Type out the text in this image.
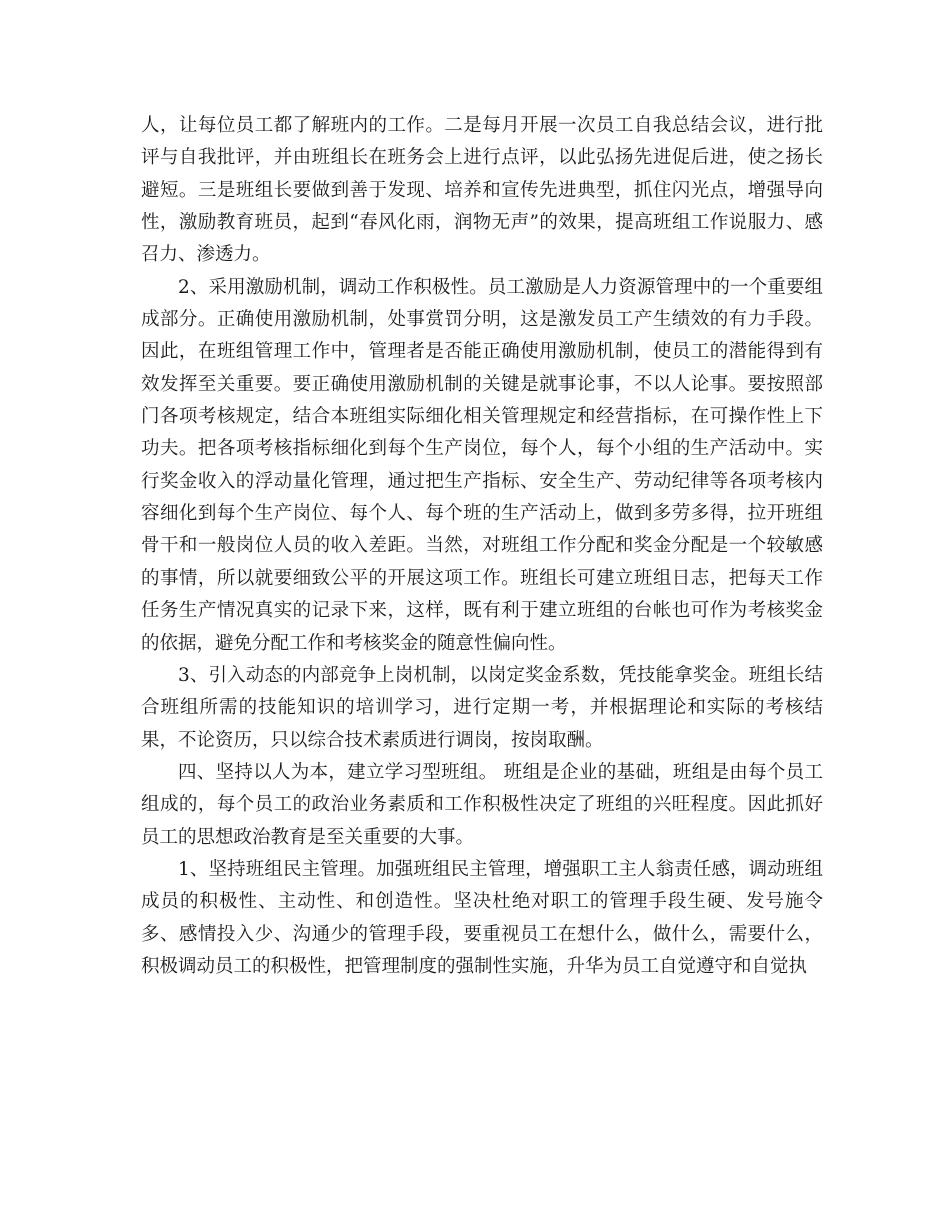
人，让每位员工都了解班内的工作。二是每月开展一次员工自我总结会议，进行批评与自我批评，并由班组长在班务会上进行点评，以此弘扬先进促后进，使之扬长避短。三是班组长要做到善于发现、培养和宣传先进典型，抓住闪光点，增强导向性，激励教育班员，起到“春风化雨，润物无声”的效果，提高班组工作说服力、感召力、渗透力。

2、采用激励机制，调动工作积极性。员工激励是人力资源管理中的一个重要组成部分。正确使用激励机制，处事赏罚分明，这是激发员工产生绩效的有力手段。因此，在班组管理工作中，管理者是否能正确使用激励机制，使员工的潜能得到有效发挥至关重要。要正确使用激励机制的关键是就事论事，不以人论事。要按照部门各项考核规定，结合本班组实际细化相关管理规定和经营指标，在可操作性上下功夫。把各项考核指标细化到每个生产岗位，每个人，每个小组的生产活动中。实行奖金收入的浮动量化管理，通过把生产指标、安全生产、劳动纪律等各项考核内容细化到每个生产岗位、每个人、每个班的生产活动上，做到多劳多得，拉开班组骨干和一般岗位人员的收入差距。当然，对班组工作分配和奖金分配是一个较敏感的事情，所以就要细致公平的开展这项工作。班组长可建立班组日志，把每天工作任务生产情况真实的记录下来，这样，既有利于建立班组的台帐也可作为考核奖金的依据，避免分配工作和考核奖金的随意性偏向性。

3、引入动态的内部竞争上岗机制，以岗定奖金系数，凭技能拿奖金。班组长结合班组所需的技能知识的培训学习，进行定期一考，并根据理论和实际的考核结果，不论资历，只以综合技术素质进行调岗，按岗取酬。

四、坚持以人为本，建立学习型班组。 班组是企业的基础，班组是由每个员工组成的，每个员工的政治业务素质和工作积极性决定了班组的兴旺程度。因此抓好员工的思想政治教育是至关重要的大事。

1、坚持班组民主管理。加强班组民主管理，增强职工主人翁责任感，调动班组成员的积极性、主动性、和创造性。坚决杜绝对职工的管理手段生硬、发号施令多、感情投入少、沟通少的管理手段，要重视员工在想什么，做什么，需要什么，积极调动员工的积极性，把管理制度的强制性实施，升华为员工自觉遵守和自觉执
